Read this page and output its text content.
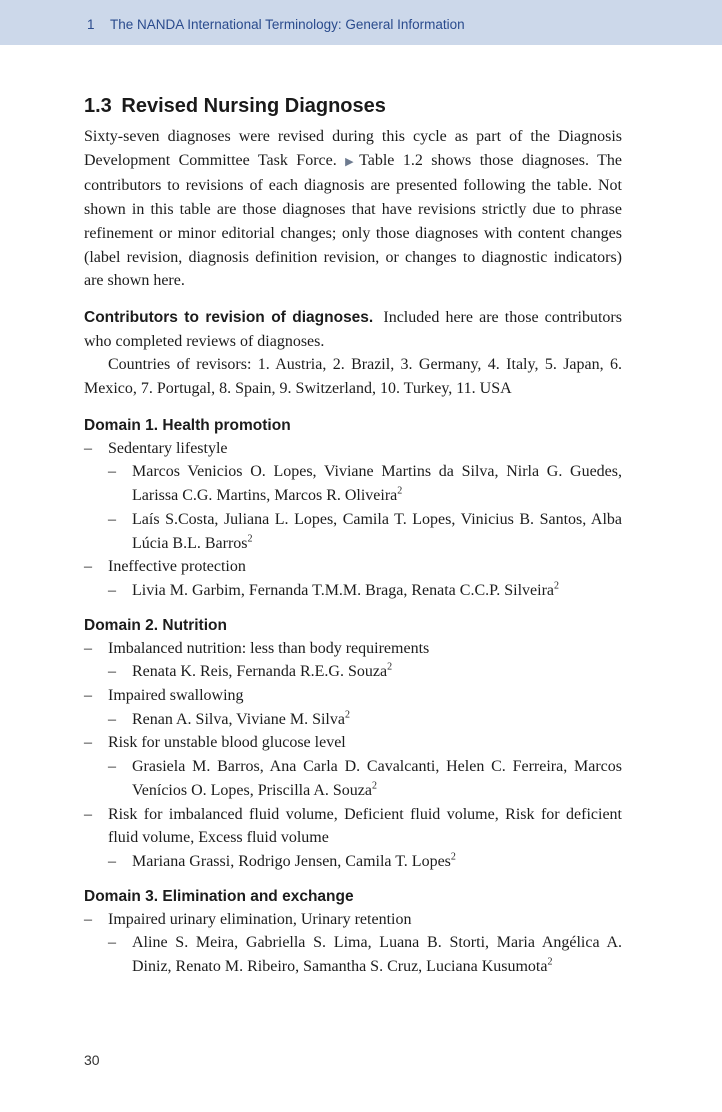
1 The NANDA International Terminology: General Information
1.3 Revised Nursing Diagnoses

Sixty-seven diagnoses were revised during this cycle as part of the Diagnosis Development Committee Task Force. ▶Table 1.2 shows those diagnoses. The contributors to revisions of each diagnosis are presented following the table. Not shown in this table are those diagnoses that have revisions strictly due to phrase refinement or minor editorial changes; only those diagnoses with content changes (label revision, diagnosis definition revision, or changes to diagnostic indicators) are shown here.

Contributors to revision of diagnoses. Included here are those contributors who completed reviews of diagnoses.

Countries of revisors: 1. Austria, 2. Brazil, 3. Germany, 4. Italy, 5. Japan, 6. Mexico, 7. Portugal, 8. Spain, 9. Switzerland, 10. Turkey, 11. USA

Domain 1. Health promotion
– Sedentary lifestyle
– Marcos Venicios O. Lopes, Viviane Martins da Silva, Nirla G. Guedes, Larissa C.G. Martins, Marcos R. Oliveira$^2$
– Laís S.Costa, Juliana L. Lopes, Camila T. Lopes, Vinicius B. Santos, Alba Lúcia B.L. Barros$^2$
– Ineffective protection
– Livia M. Garbim, Fernanda T.M.M. Braga, Renata C.C.P. Silveira$^2$
Domain 2. Nutrition
– Imbalanced nutrition: less than body requirements
– Renata K. Reis, Fernanda R.E.G. Souza$^2$
– Impaired swallowing
– Renan A. Silva, Viviane M. Silva$^2$
– Risk for unstable blood glucose level
– Grasiela M. Barros, Ana Carla D. Cavalcanti, Helen C. Ferreira, Marcos Venícios O. Lopes, Priscilla A. Souza$^2$
– Risk for imbalanced fluid volume, Deficient fluid volume, Risk for deficient fluid volume, Excess fluid volume
– Mariana Grassi, Rodrigo Jensen, Camila T. Lopes$^2$
Domain 3. Elimination and exchange
– Impaired urinary elimination, Urinary retention
– Aline S. Meira, Gabriella S. Lima, Luana B. Storti, Maria Angélica A. Diniz, Renato M. Ribeiro, Samantha S. Cruz, Luciana Kusumota$^2$
30
